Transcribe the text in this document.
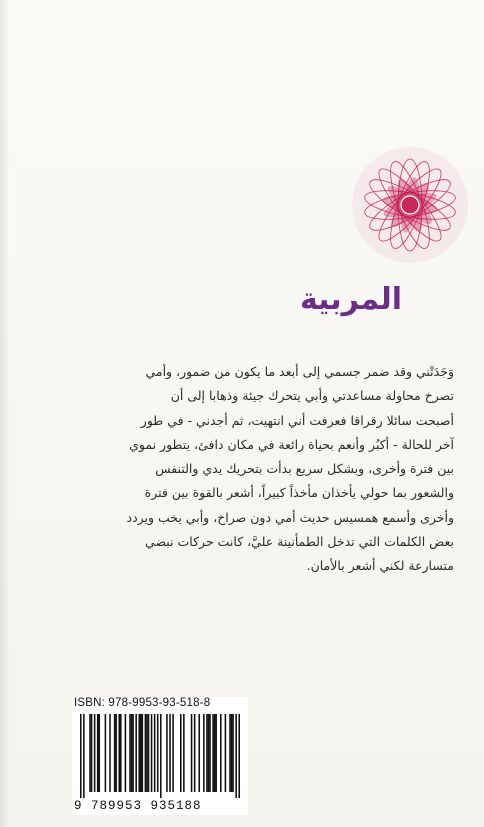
المربية
وَجَدَتْني وقد ضمر جسمي إلى أبعد ما يكون من ضمور، وأمي
تصرخ محاولة مساعدتي وأبي يتحرك جيئة وذهابا إلى أن
أصبحت سائلا رقراقا فعرفت أني انتهيت، ثم أجدني - في طور
آخر للحالة - أكبُر وأنعم بحياة رائعة في مكان دافئ، يتطور نموي
بين فترة وأخرى، وبشكل سريع بدأت بتحريك يدي والتنفس
والشعور بما حولي يأخذان مأخذاً كبيراً، أشعر بالقوة بين فترة
وأخرى وأسمع همسيس حديث أمي دون صراخ، وأبي يخب ويردد
بعض الكلمات التي تدخل الطمأنينة عليَّ، كانت حركات نبضي
متسارعة لكني أشعر بالأمان.
ISBN: 978-9953-93-518-8
9 789953 935188
